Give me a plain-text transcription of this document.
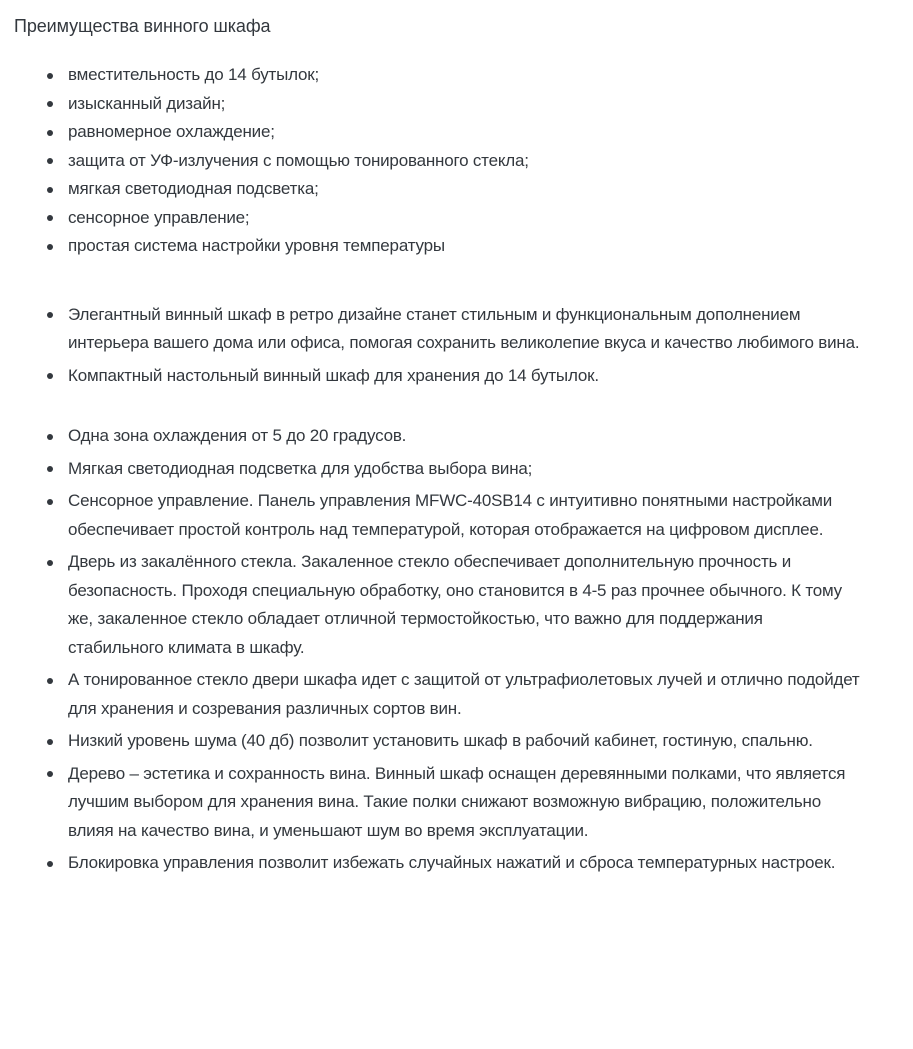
Преимущества винного шкафа
вместительность до 14 бутылок;
изысканный дизайн;
равномерное охлаждение;
защита от УФ-излучения с помощью тонированного стекла;
мягкая светодиодная подсветка;
сенсорное управление;
простая система настройки уровня температуры
Элегантный винный шкаф в ретро дизайне станет стильным и функциональным дополнением интерьера вашего дома или офиса, помогая сохранить великолепие вкуса и качество любимого вина.
Компактный настольный винный шкаф для хранения до 14 бутылок.
Одна зона охлаждения от 5 до 20 градусов.
Мягкая светодиодная подсветка для удобства выбора вина;
Сенсорное управление. Панель управления MFWC-40SB14 с интуитивно понятными настройками обеспечивает простой контроль над температурой, которая отображается на цифровом дисплее.
Дверь из закалённого стекла. Закаленное стекло обеспечивает дополнительную прочность и безопасность. Проходя специальную обработку, оно становится в 4-5 раз прочнее обычного. К тому же, закаленное стекло обладает отличной термостойкостью, что важно для поддержания стабильного климата в шкафу.
А тонированное стекло двери шкафа идет с защитой от ультрафиолетовых лучей и отлично подойдет для хранения и созревания различных сортов вин.
Низкий уровень шума (40 дб) позволит установить шкаф в рабочий кабинет, гостиную, спальню.
Дерево – эстетика и сохранность вина. Винный шкаф оснащен деревянными полками, что является лучшим выбором для хранения вина. Такие полки снижают возможную вибрацию, положительно влияя на качество вина, и уменьшают шум во время эксплуатации.
Блокировка управления позволит избежать случайных нажатий и сброса температурных настроек.
